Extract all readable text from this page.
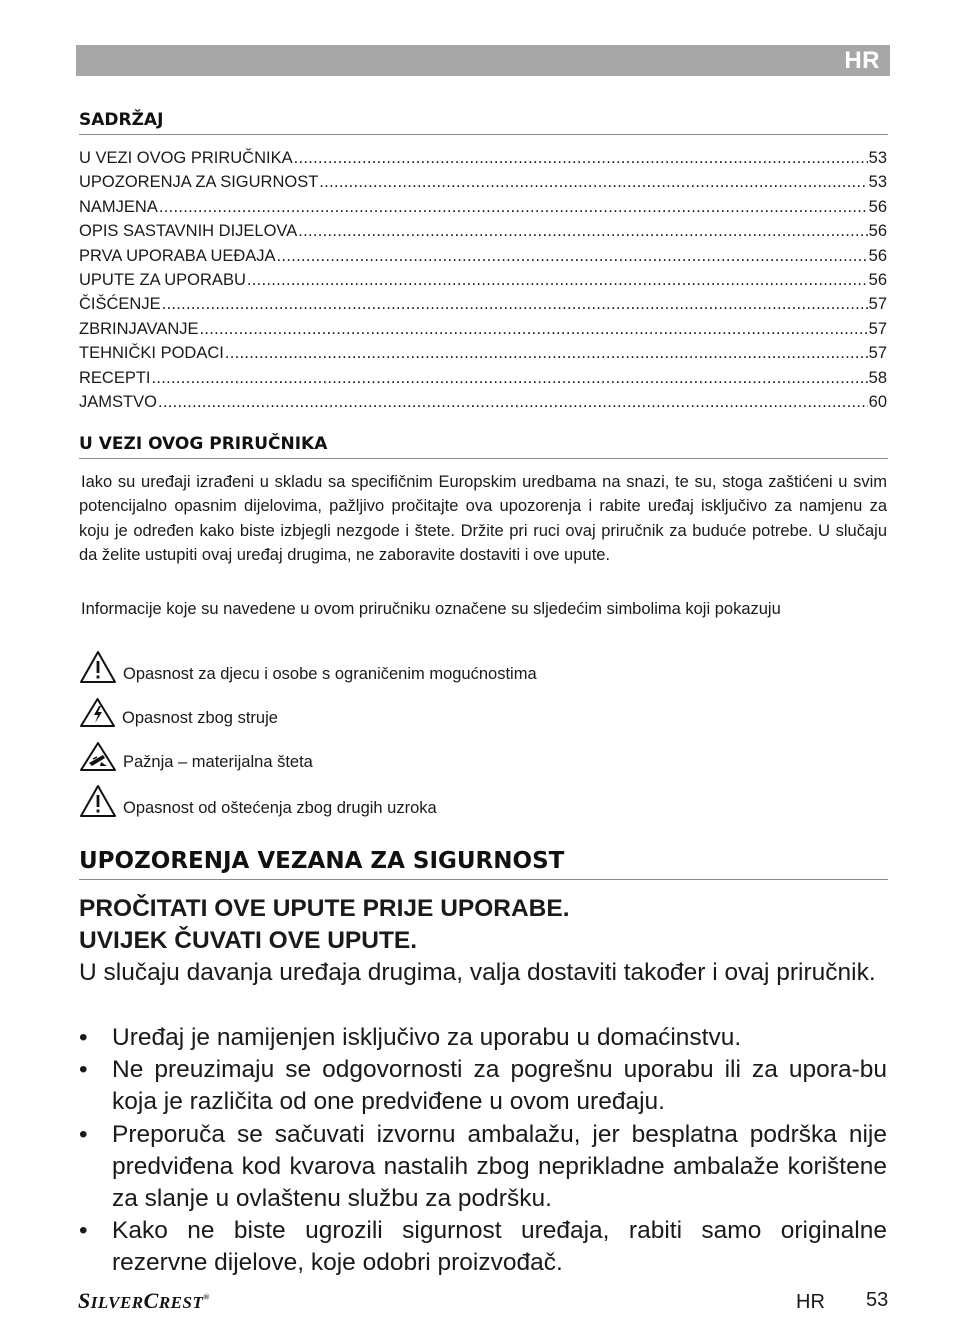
HR
SADRŽAJ
U VEZI OVOG PRIRUČNIKA .....	53
UPOZORENJA ZA SIGURNOST .....	53
NAMJENA .....	56
OPIS SASTAVNIH DIJELOVA .....	56
PRVA UPORABA UEĐAJA .....	56
UPUTE ZA UPORABU .....	56
ČIŠĆENJE .....	57
ZBRINJAVANJE .....	57
TEHNIČKI PODACI .....	57
RECEPTI .....	58
JAMSTVO .....	60
U VEZI OVOG PRIRUČNIKA

Iako su uređaji izrađeni u skladu sa specifičnim Europskim uredbama na snazi, te su, stoga zaštićeni u svim potencijalno opasnim dijelovima, pažljivo pročitajte ova upozorenja i rabite uređaj isključivo za namjenu za koju je određen kako biste izbjegli nezgode i štete. Držite pri ruci ovaj priručnik za buduće potrebe. U slučaju da želite ustupiti ovaj uređaj drugima, ne zaboravite dostaviti i ove upute.

Informacije koje su navedene u ovom priručniku označene su sljedećim simbolima koji pokazuju

Opasnost za djecu i osobe s ograničenim mogućnostima
Opasnost zbog struje
Pažnja – materijalna šteta
Opasnost od oštećenja zbog drugih uzroka
UPOZORENJA VEZANA ZA SIGURNOST

PROČITATI OVE UPUTE PRIJE UPORABE.
UVIJEK ČUVATI OVE UPUTE.

U slučaju davanja uređaja drugima, valja dostaviti također i ovaj priručnik.

• Uređaj je namijenjen isključivo za uporabu u domaćinstvu.
• Ne preuzimaju se odgovornosti za pogrešnu uporabu ili za upora-bu koja je različita od one predviđene u ovom uređaju.
• Preporuča se sačuvati izvornu ambalažu, jer besplatna podrška nije predviđena kod kvarova nastalih zbog neprikladne ambalaže korištene za slanje u ovlaštenu službu za podršku.
• Kako ne biste ugrozili sigurnost uređaja, rabiti samo originalne rezervne dijelove, koje odobri proizvođač.
SILVERCREST®	HR 53
